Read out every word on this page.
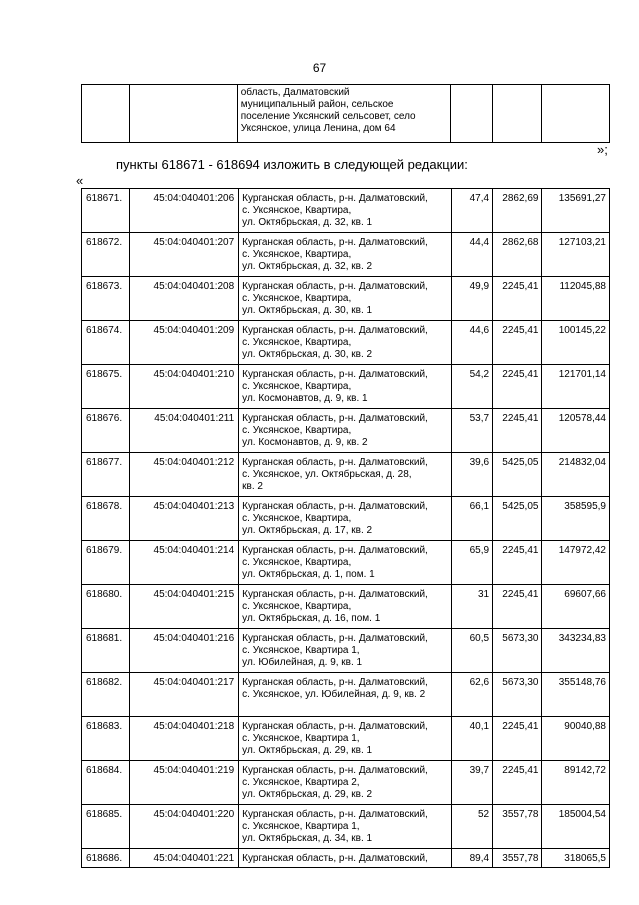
67
		область, Далматовский
муниципальный район, сельское
поселение Уксянский сельсовет, село
Уксянское, улица Ленина, дом 64			
»;
пункты 618671 - 618694 изложить в следующей редакции:
«
618671.	45:04:040401:206	Курганская область, р-н. Далматовский,
с. Уксянское, Квартира,
ул. Октябрьская, д. 32, кв. 1	47,4	2862,69	135691,27
618672.	45:04:040401:207	Курганская область, р-н. Далматовский,
с. Уксянское, Квартира,
ул. Октябрьская, д. 32, кв. 2	44,4	2862,68	127103,21
618673.	45:04:040401:208	Курганская область, р-н. Далматовский,
с. Уксянское, Квартира,
ул. Октябрьская, д. 30, кв. 1	49,9	2245,41	112045,88
618674.	45:04:040401:209	Курганская область, р-н. Далматовский,
с. Уксянское, Квартира,
ул. Октябрьская, д. 30, кв. 2	44,6	2245,41	100145,22
618675.	45:04:040401:210	Курганская область, р-н. Далматовский,
с. Уксянское, Квартира,
ул. Космонавтов, д. 9, кв. 1	54,2	2245,41	121701,14
618676.	45:04:040401:211	Курганская область, р-н. Далматовский,
с. Уксянское, Квартира,
ул. Космонавтов, д. 9, кв. 2	53,7	2245,41	120578,44
618677.	45:04:040401:212	Курганская область, р-н. Далматовский,
с. Уксянское, ул. Октябрьская, д. 28,
кв. 2	39,6	5425,05	214832,04
618678.	45:04:040401:213	Курганская область, р-н. Далматовский,
с. Уксянское, Квартира,
ул. Октябрьская, д. 17, кв. 2	66,1	5425,05	358595,9
618679.	45:04:040401:214	Курганская область, р-н. Далматовский,
с. Уксянское, Квартира,
ул. Октябрьская, д. 1, пом. 1	65,9	2245,41	147972,42
618680.	45:04:040401:215	Курганская область, р-н. Далматовский,
с. Уксянское, Квартира,
ул. Октябрьская, д. 16, пом. 1	31	2245,41	69607,66
618681.	45:04:040401:216	Курганская область, р-н. Далматовский,
с. Уксянское, Квартира 1,
ул. Юбилейная, д. 9, кв. 1	60,5	5673,30	343234,83
618682.	45:04:040401:217	Курганская область, р-н. Далматовский,
с. Уксянское, ул. Юбилейная, д. 9, кв. 2	62,6	5673,30	355148,76
618683.	45:04:040401:218	Курганская область, р-н. Далматовский,
с. Уксянское, Квартира 1,
ул. Октябрьская, д. 29, кв. 1	40,1	2245,41	90040,88
618684.	45:04:040401:219	Курганская область, р-н. Далматовский,
с. Уксянское, Квартира 2,
ул. Октябрьская, д. 29, кв. 2	39,7	2245,41	89142,72
618685.	45:04:040401:220	Курганская область, р-н. Далматовский,
с. Уксянское, Квартира 1,
ул. Октябрьская, д. 34, кв. 1	52	3557,78	185004,54
618686.	45:04:040401:221	Курганская область, р-н. Далматовский,	89,4	3557,78	318065,5
